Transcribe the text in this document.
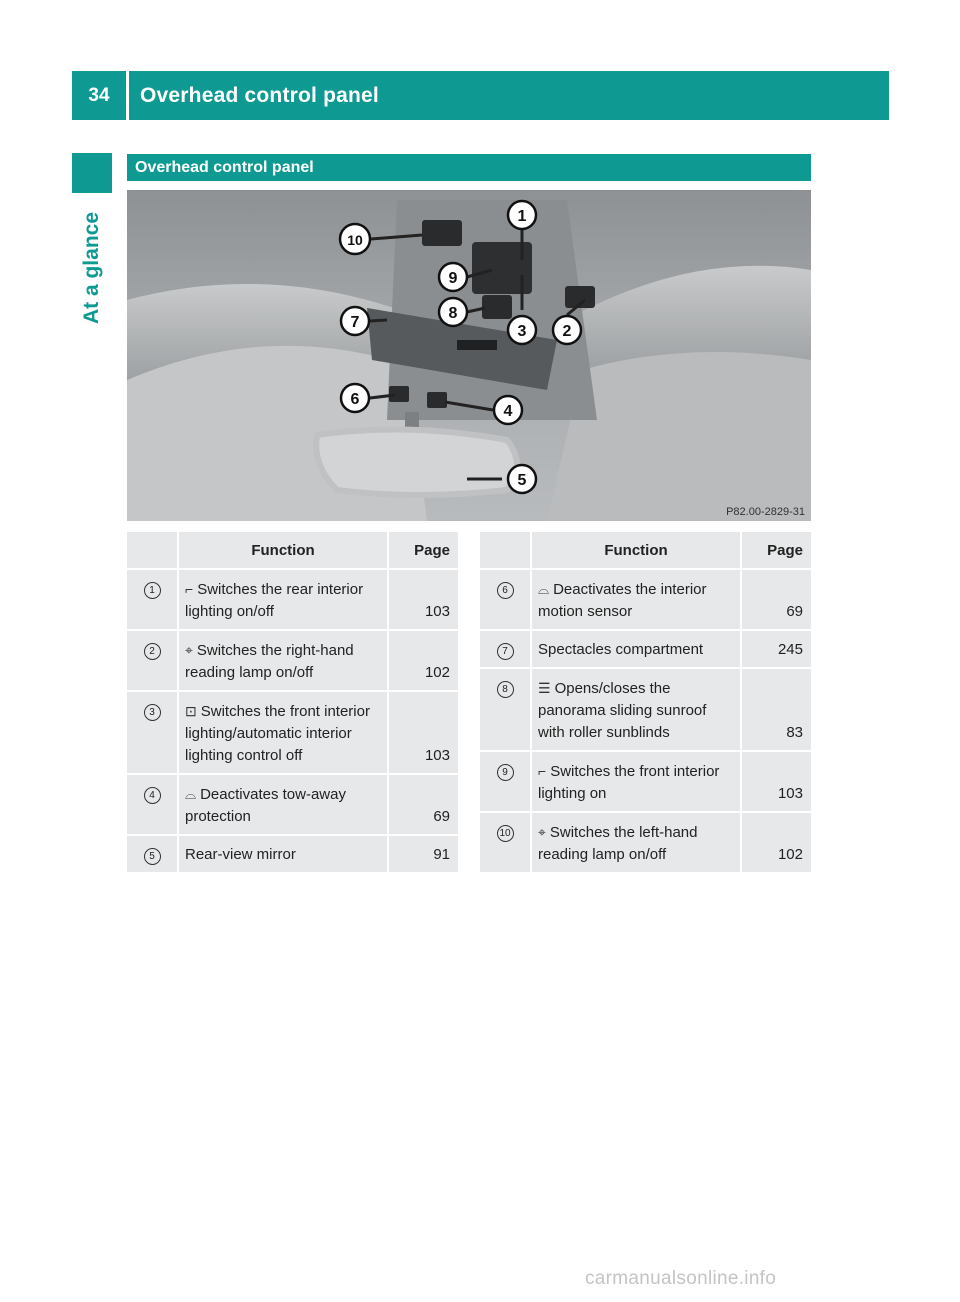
34	Overhead control panel
At a glance
Overhead control panel
1
2
3
4
5
6
7
8
9
10
P82.00-2829-31
	Function	Page
1	⌐ Switches the rear interior lighting on/off	103
2	⌖ Switches the right-hand reading lamp on/off	102
3	⊡ Switches the front interior lighting/automatic interior lighting control off	103
4	⌓ Deactivates tow-away protection	69
5	Rear-view mirror	91
	Function	Page
6	⌓ Deactivates the interior motion sensor	69
7	Spectacles compartment	245
8	☰ Opens/closes the panorama sliding sunroof with roller sunblinds	83
9	⌐ Switches the front interior lighting on	103
10	⌖ Switches the left-hand reading lamp on/off	102
carmanualsonline.info
